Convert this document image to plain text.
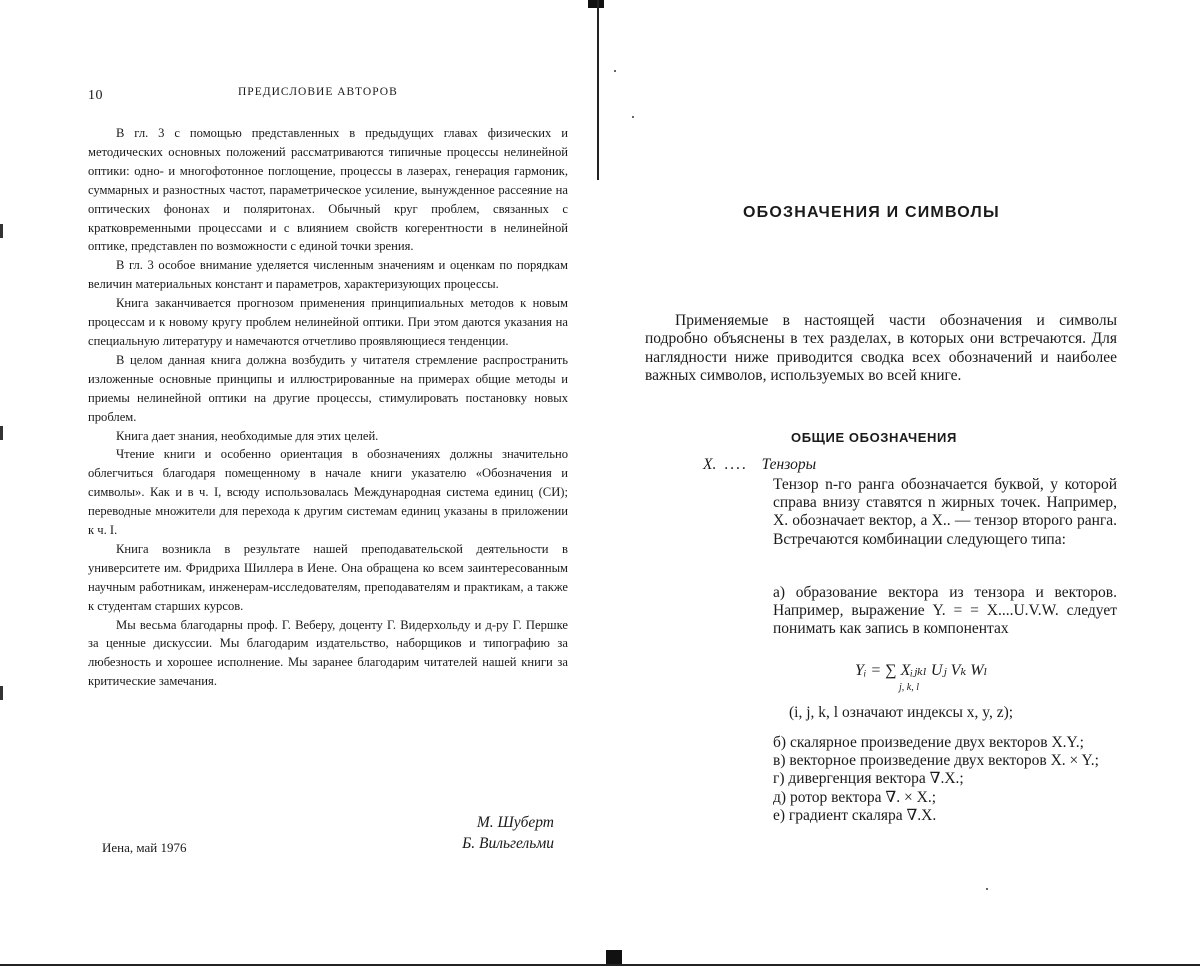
10	ПРЕДИСЛОВИЕ АВТОРОВ

В гл. 3 с помощью представленных в предыдущих главах физических и методических основных положений рассматриваются типичные процессы нелинейной оптики: одно- и многофотонное поглощение, процессы в лазерах, генерация гармоник, суммарных и разностных частот, параметрическое усиление, вынужденное рассеяние на оптических фононах и поляритонах. Обычный круг проблем, связанных с кратковременными процессами и с влиянием свойств когерентности в нелинейной оптике, представлен по возможности с единой точки зрения.

В гл. 3 особое внимание уделяется численным значениям и оценкам по порядкам величин материальных констант и параметров, характеризующих процессы.

Книга заканчивается прогнозом применения принципиальных методов к новым процессам и к новому кругу проблем нелинейной оптики. При этом даются указания на специальную литературу и намечаются отчетливо проявляющиеся тенденции.

В целом данная книга должна возбудить у читателя стремление распространить изложенные основные принципы и иллюстрированные на примерах общие методы и приемы нелинейной оптики на другие процессы, стимулировать постановку новых проблем.

Книга дает знания, необходимые для этих целей.

Чтение книги и особенно ориентация в обозначениях должны значительно облегчиться благодаря помещенному в начале книги указателю «Обозначения и символы». Как и в ч. I, всюду использовалась Международная система единиц (СИ); переводные множители для перехода к другим системам единиц указаны в приложении к ч. I.

Книга возникла в результате нашей преподавательской деятельности в университете им. Фридриха Шиллера в Иене. Она обращена ко всем заинтересованным научным работникам, инженерам-исследователям, преподавателям и практикам, а также к студентам старших курсов.

Мы весьма благодарны проф. Г. Веберу, доценту Г. Видерхольду и д-ру Г. Першке за ценные дискуссии. Мы благодарим издательство, наборщиков и типографию за любезность и хорошее исполнение. Мы заранее благодарим читателей нашей книги за критические замечания.

М. Шуберт
Б. Вильгельми
Иена, май 1976
ОБОЗНАЧЕНИЯ И СИМВОЛЫ

Применяемые в настоящей части обозначения и символы подробно объяснены в тех разделах, в которых они встречаются. Для наглядности ниже приводится сводка всех обозначений и наиболее важных символов, используемых во всей книге.

ОБЩИЕ ОБОЗНАЧЕНИЯ
X. .... Тензоры

Тензор n-го ранга обозначается буквой, у которой справа внизу ставятся n жирных точек. Например, X. обозначает вектор, а X.. — тензор второго ранга. Встречаются комбинации следующего типа:

а) образование вектора из тензора и векторов. Например, выражение Y. = = X....U.V.W. следует понимать как запись в компонентах

Yᵢ = ∑ Xᵢⱼₖₗ Uⱼ Vₖ Wₗ
j, k, l
(i, j, k, l означают индексы x, y, z);
б) скалярное произведение двух векторов X.Y.;
в) векторное произведение двух векторов X. × Y.;
г) дивергенция вектора ∇.X.;
д) ротор вектора ∇. × X.;
е) градиент скаляра ∇.X.
